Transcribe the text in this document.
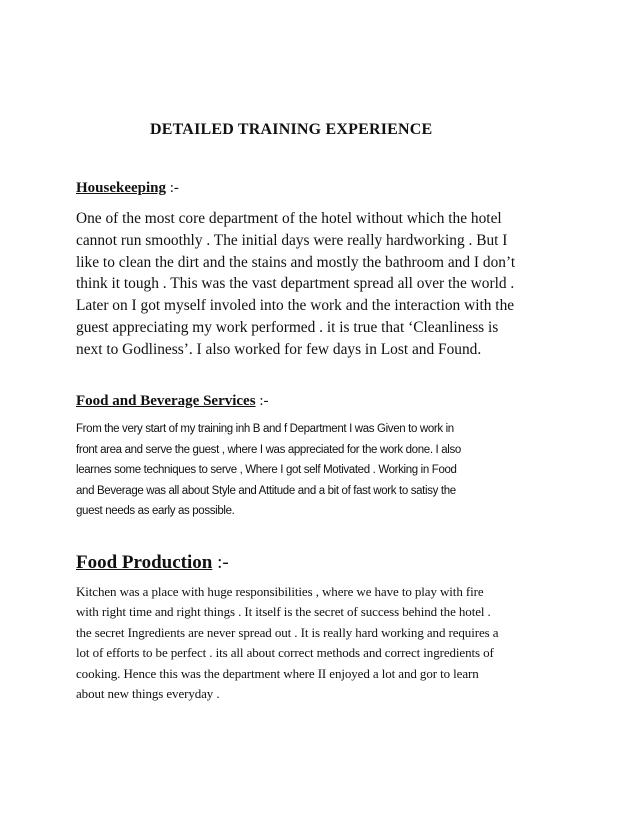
DETAILED TRAINING EXPERIENCE
Housekeeping :-

One of the most core department of the hotel without which the hotel
cannot run smoothly . The initial days were really hardworking . But I
like to clean the dirt and the stains and mostly the bathroom and I don’t
think it tough . This was the vast department spread all over the world .
Later on I got myself involed into the work and the interaction with the
guest appreciating my work performed . it is true that ‘Cleanliness is
next to Godliness’. I also worked for few days in Lost and Found.

Food and Beverage Services :-

From the very start of my training inh B and f Department I was Given to work in
front area and serve the guest , where I was appreciated for the work done. I also
learnes some techniques to serve , Where I got self Motivated . Working in Food
and Beverage was all about Style and Attitude and a bit of fast work to satisy the
guest needs as early as possible.

Food Production :-

Kitchen was a place with huge responsibilities , where we have to play with fire
with right time and right things . It itself is the secret of success behind the hotel .
the secret Ingredients are never spread out . It is really hard working and requires a
lot of efforts to be perfect . its all about correct methods and correct ingredients of
cooking. Hence this was the department where II enjoyed a lot and gor to learn
about new things everyday .
